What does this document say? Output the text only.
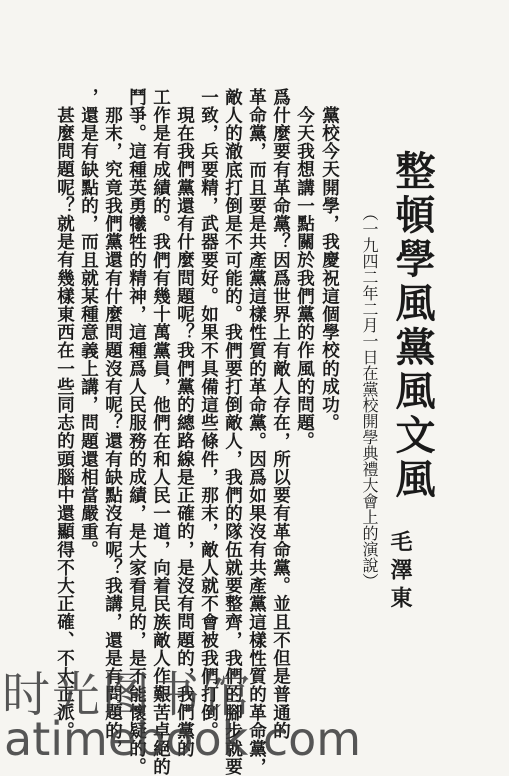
整頓學風黨風文風
（一九四二年二月一日在黨校開學典禮大會上的演說） 毛澤東
黨校今天開學，我慶祝這個學校的成功。
今天我想講一點關於我們黨的作風的問題。
爲什麼要有革命黨？因爲世界上有敵人存在，所以要有革命黨。並且不但是普通的
革命黨，而且要是共產黨這樣性質的革命黨。因爲如果沒有共產黨這樣性質的革命黨，
敵人的澈底打倒是不可能的。我們要打倒敵人，我們的隊伍就要整齊，我們的腳步就要
一致，兵要精，武器要好。如果不具備這些條件，那末，敵人就不會被我們打倒。
現在我們黨還有什麼問題呢？我們黨的總路線是正確的，是沒有問題的，我們黨的
工作是有成績的。我們有幾十萬黨員，他們在和人民一道，向着民族敵人作艱苦卓絕的
鬥爭。這種英勇犧牲的精神，這種爲人民服務的成績，是大家看見的，是不能懷疑的。
那末，究竟我們黨還有什麼問題沒有呢？還有缺點沒有呢？我講，還是有問題的，
，還是有缺點的，而且就某種意義上講，問題還相當嚴重。
甚麼問題呢？就是有幾樣東西在一些同志的頭腦中還顯得不大正確、不大正派。
时光图书馆
atimebook.com
